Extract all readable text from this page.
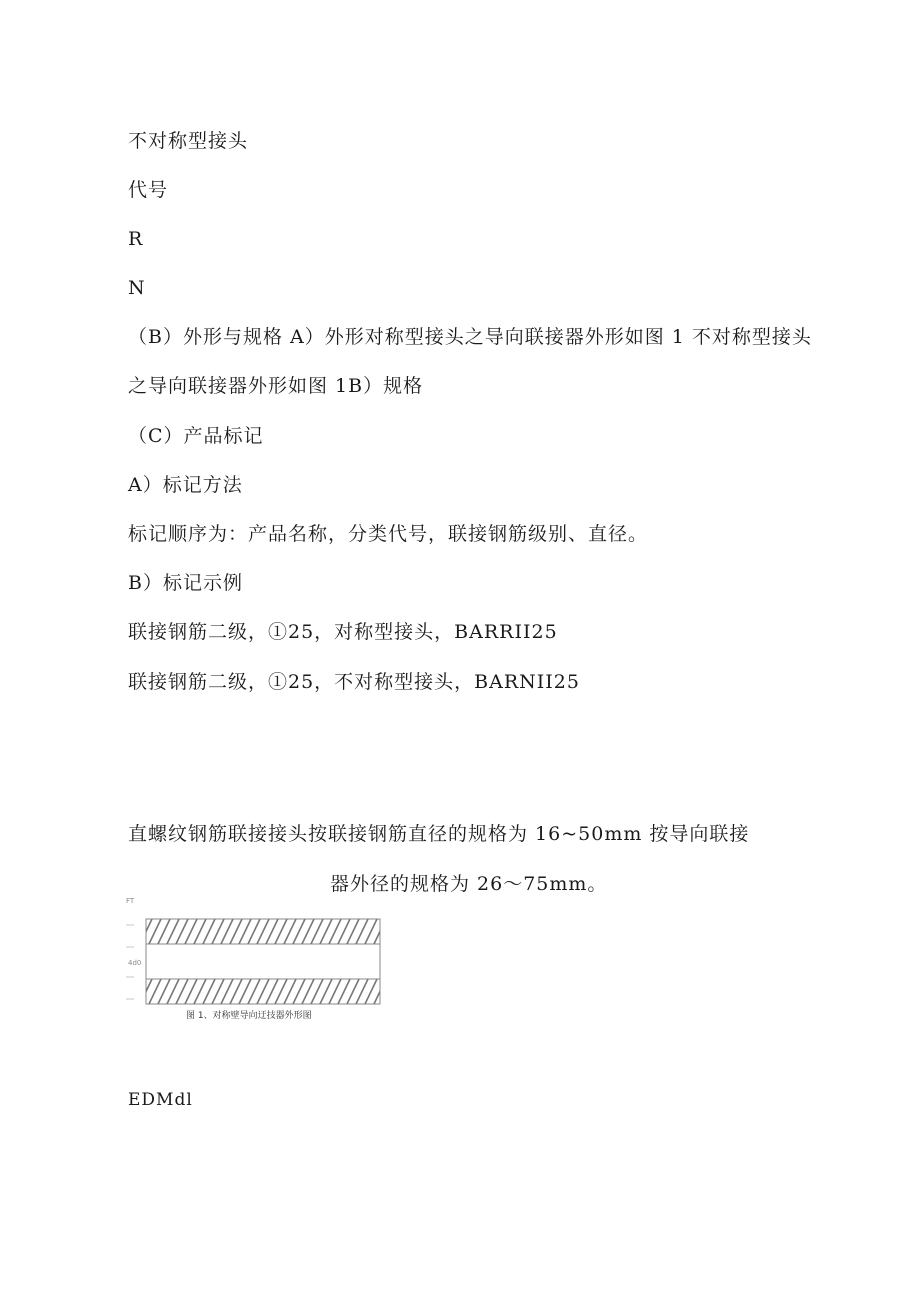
不对称型接头
代号
R
N
（B）外形与规格 A）外形对称型接头之导向联接器外形如图 1 不对称型接头
之导向联接器外形如图 1B）规格
（C）产品标记
A）标记方法
标记顺序为：产品名称，分类代号，联接钢筋级别、直径。
B）标记示例
联接钢筋二级，①25，对称型接头，BARRII25
联接钢筋二级，①25，不对称型接头，BARNII25
直螺纹钢筋联接接头按联接钢筋直径的规格为 16~50mm 按导向联接
器外径的规格为 26～75mm。
FT
4d0
图 1、对称壁导向迂技器外形图
EDMdl
